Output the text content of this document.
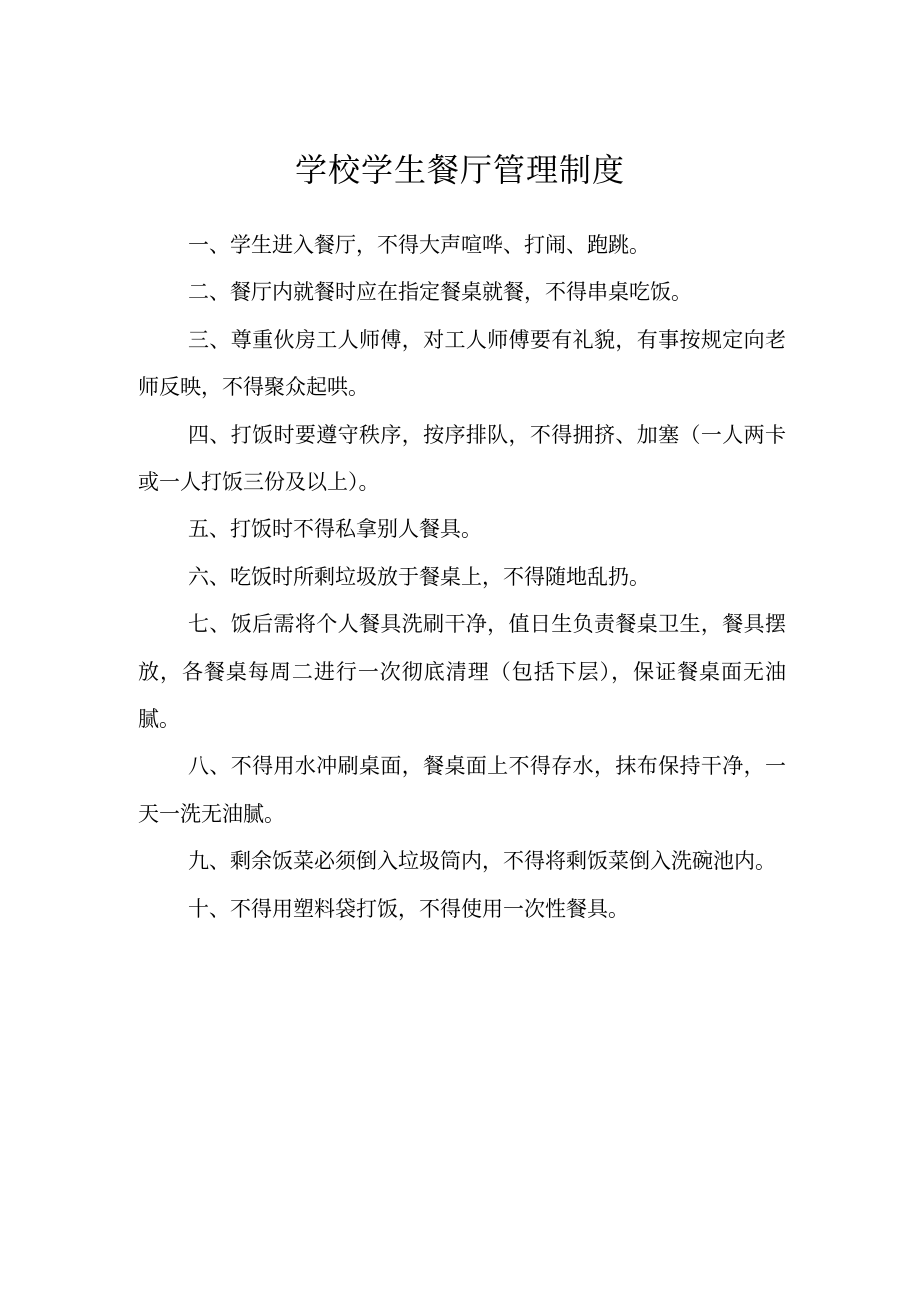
学校学生餐厅管理制度

一、学生进入餐厅，不得大声喧哗、打闹、跑跳。

二、餐厅内就餐时应在指定餐桌就餐，不得串桌吃饭。

三、尊重伙房工人师傅，对工人师傅要有礼貌，有事按规定向老师反映，不得聚众起哄。

四、打饭时要遵守秩序，按序排队，不得拥挤、加塞（一人两卡或一人打饭三份及以上）。

五、打饭时不得私拿别人餐具。

六、吃饭时所剩垃圾放于餐桌上，不得随地乱扔。

七、饭后需将个人餐具洗刷干净，值日生负责餐桌卫生，餐具摆放，各餐桌每周二进行一次彻底清理（包括下层），保证餐桌面无油腻。

八、不得用水冲刷桌面，餐桌面上不得存水，抹布保持干净，一天一洗无油腻。

九、剩余饭菜必须倒入垃圾筒内，不得将剩饭菜倒入洗碗池内。

十、不得用塑料袋打饭，不得使用一次性餐具。
